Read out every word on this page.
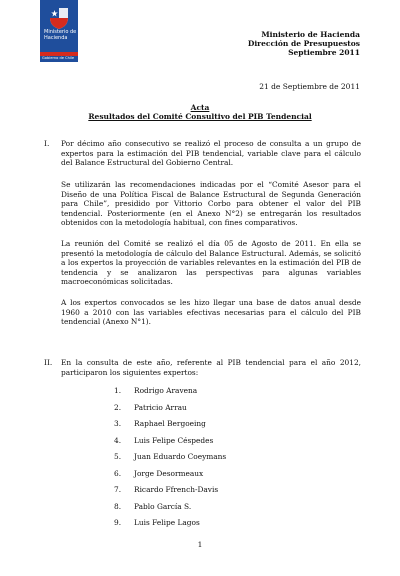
Ministerio de
Hacienda
Gobierno de Chile
Ministerio de Hacienda
Dirección de Presupuestos
Septiembre 2011
21 de Septiembre de 2011
Acta
Resultados del Comité Consultivo del PIB Tendencial
I. Por décimo año consecutivo se realizó el proceso de consulta a un grupo de expertos para la estimación del PIB tendencial, variable clave para el cálculo del Balance Estructural del Gobierno Central.
Se utilizarán las recomendaciones indicadas por el “Comité Asesor para el Diseño de una Política Fiscal de Balance Estructural de Segunda Generación para Chile”, presidido por Vittorio Corbo para obtener el valor del PIB tendencial. Posteriormente (en el Anexo N°2) se entregarán los resultados obtenidos con la metodología habitual, con fines comparativos.
La reunión del Comité se realizó el día 05 de Agosto de 2011. En ella se presentó la metodología de cálculo del Balance Estructural. Además, se solicitó a los expertos la proyección de variables relevantes en la estimación del PIB de tendencia y se analizaron las perspectivas para algunas variables macroeconómicas solicitadas.
A los expertos convocados se les hizo llegar una base de datos anual desde 1960 a 2010 con las variables efectivas necesarias para el cálculo del PIB tendencial (Anexo N°1).
II. En la consulta de este año, referente al PIB tendencial para el año 2012, participaron los siguientes expertos:
1. Rodrigo Aravena
2. Patricio Arrau
3. Raphael Bergoeing
4. Luis Felipe Céspedes
5. Juan Eduardo Coeymans
6. Jorge Desormeaux
7. Ricardo Ffrench-Davis
8. Pablo García S.
9. Luis Felipe Lagos
1
